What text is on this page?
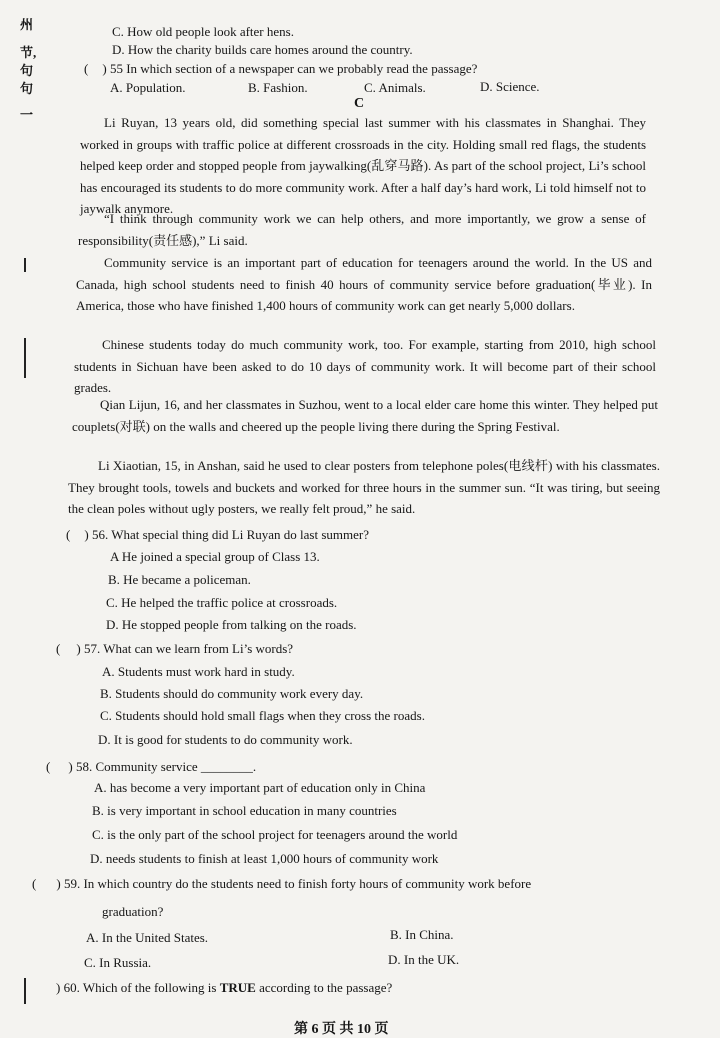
州
节,
句
句
一
C. How old people look after hens.
D. How the charity builds care homes around the country.
( ) 55 In which section of a newspaper can we probably read the passage?
A. Population.	B. Fashion.	C. Animals.	D. Science.
C

Li Ruyan, 13 years old, did something special last summer with his classmates in Shanghai. They worked in groups with traffic police at different crossroads in the city. Holding small red flags, the students helped keep order and stopped people from jaywalking(乱穿马路). As part of the school project, Li’s school has encouraged its students to do more community work. After a half day’s hard work, Li told himself not to jaywalk anymore.

“I think through community work we can help others, and more importantly, we grow a sense of responsibility(责任感),” Li said.

Community service is an important part of education for teenagers around the world. In the US and Canada, high school students need to finish 40 hours of community service before graduation(毕业). In America, those who have finished 1,400 hours of community work can get nearly 5,000 dollars.

Chinese students today do much community work, too. For example, starting from 2010, high school students in Sichuan have been asked to do 10 days of community work. It will become part of their school grades.

Qian Lijun, 16, and her classmates in Suzhou, went to a local elder care home this winter. They helped put couplets(对联) on the walls and cheered up the people living there during the Spring Festival.

Li Xiaotian, 15, in Anshan, said he used to clear posters from telephone poles(电线杆) with his classmates. They brought tools, towels and buckets and worked for three hours in the summer sun. “It was tiring, but seeing the clean poles without ugly posters, we really felt proud,” he said.

( ) 56. What special thing did Li Ruyan do last summer?
A He joined a special group of Class 13.
B. He became a policeman.
C. He helped the traffic police at crossroads.
D. He stopped people from talking on the roads.
( ) 57. What can we learn from Li’s words?
A. Students must work hard in study.
B. Students should do community work every day.
C. Students should hold small flags when they cross the roads.
D. It is good for students to do community work.
( ) 58. Community service ________.
A. has become a very important part of education only in China
B. is very important in school education in many countries
C. is the only part of the school project for teenagers around the world
D. needs students to finish at least 1,000 hours of community work
( ) 59. In which country do the students need to finish forty hours of community work before
graduation?
A. In the United States.	B. In China.
C. In Russia.	D. In the UK.
) 60. Which of the following is TRUE according to the passage?
第 6 页 共 10 页
